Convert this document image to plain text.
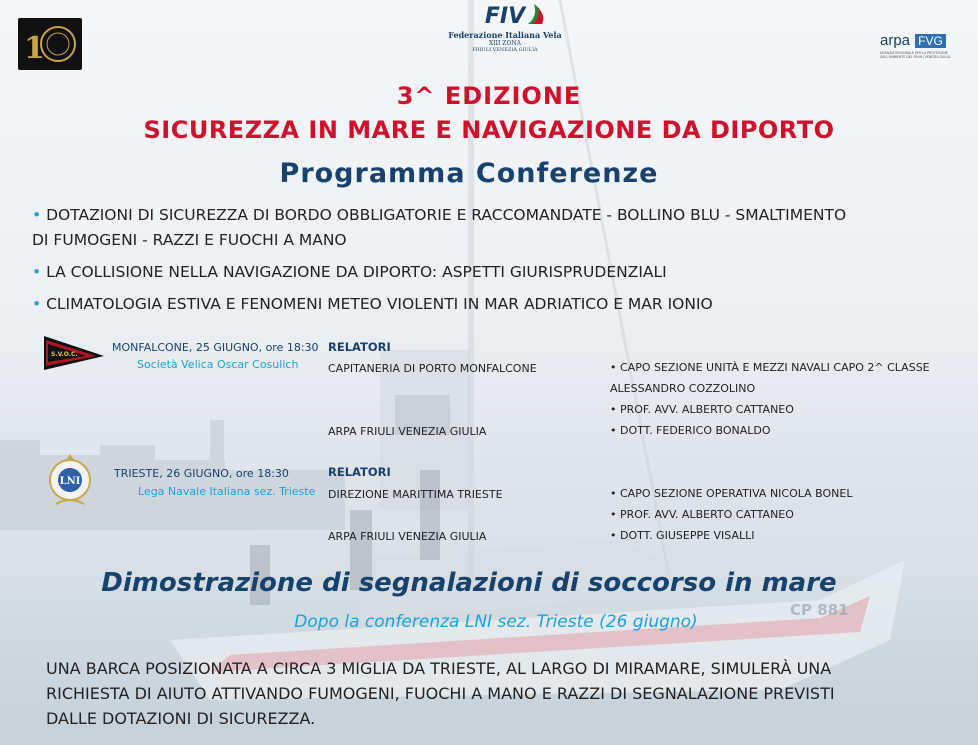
CP 881
1
FIV
Federazione Italiana Vela
XIII ZONA
FRIULI VENEZIA GIULIA
arpa FVG
AGENZIA REGIONALE PER LA PROTEZIONE DELL'AMBIENTE DEL FRIULI VENEZIA GIULIA
3^ EDIZIONE
SICUREZZA IN MARE E NAVIGAZIONE DA DIPORTO
Programma Conferenze
• DOTAZIONI DI SICUREZZA DI BORDO OBBLIGATORIE E RACCOMANDATE - BOLLINO BLU - SMALTIMENTO
DI FUMOGENI - RAZZI E FUOCHI A MANO
• LA COLLISIONE NELLA NAVIGAZIONE DA DIPORTO: ASPETTI GIURISPRUDENZIALI
• CLIMATOLOGIA ESTIVA E FENOMENI METEO VIOLENTI IN MAR ADRIATICO E MAR IONIO
S.V.O.C.
MONFALCONE, 25 GIUGNO, ore 18:30
Società Velica Oscar Cosulich
RELATORI
CAPITANERIA DI PORTO MONFALCONE
ARPA FRIULI VENEZIA GIULIA
• CAPO SEZIONE UNITÀ E MEZZI NAVALI CAPO 2^ CLASSE
ALESSANDRO COZZOLINO
• PROF. AVV. ALBERTO CATTANEO
• DOTT. FEDERICO BONALDO
LNI
TRIESTE, 26 GIUGNO, ore 18:30
Lega Navale Italiana sez. Trieste
RELATORI
DIREZIONE MARITTIMA TRIESTE
ARPA FRIULI VENEZIA GIULIA
• CAPO SEZIONE OPERATIVA NICOLA BONEL
• PROF. AVV. ALBERTO CATTANEO
• DOTT. GIUSEPPE VISALLI
Dimostrazione di segnalazioni di soccorso in mare
Dopo la conferenza LNI sez. Trieste (26 giugno)
UNA BARCA POSIZIONATA A CIRCA 3 MIGLIA DA TRIESTE, AL LARGO DI MIRAMARE, SIMULERÀ UNA
RICHIESTA DI AIUTO ATTIVANDO FUMOGENI, FUOCHI A MANO E RAZZI DI SEGNALAZIONE PREVISTI
DALLE DOTAZIONI DI SICUREZZA.
